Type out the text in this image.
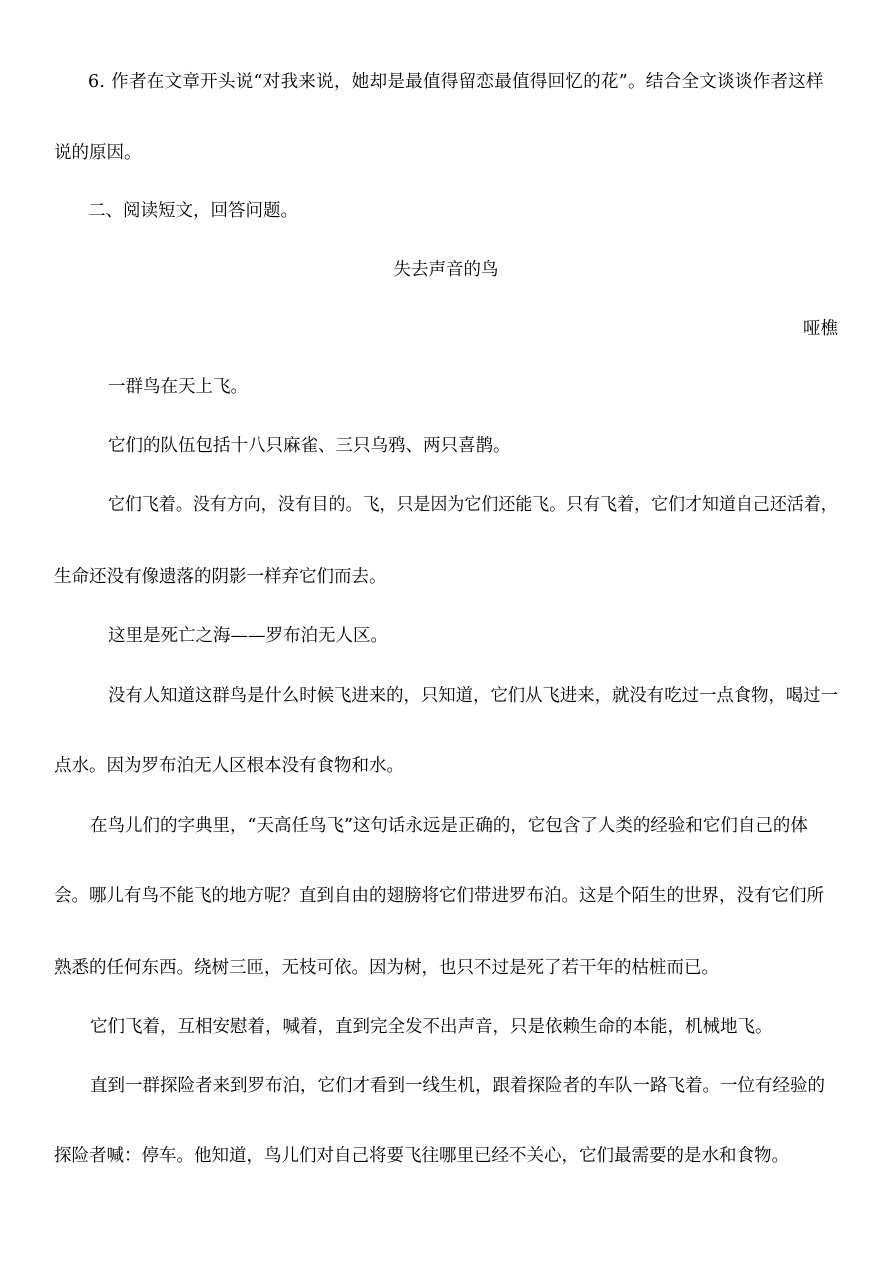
6. 作者在文章开头说“对我来说，她却是最值得留恋最值得回忆的花”。结合全文谈谈作者这样
说的原因。
二、阅读短文，回答问题。
失去声音的鸟
哑樵
一群鸟在天上飞。
它们的队伍包括十八只麻雀、三只乌鸦、两只喜鹊。
它们飞着。没有方向，没有目的。飞，只是因为它们还能飞。只有飞着，它们才知道自己还活着，
生命还没有像遗落的阴影一样弃它们而去。
这里是死亡之海——罗布泊无人区。
没有人知道这群鸟是什么时候飞进来的，只知道，它们从飞进来，就没有吃过一点食物，喝过一
点水。因为罗布泊无人区根本没有食物和水。
在鸟儿们的字典里，“天高任鸟飞”这句话永远是正确的，它包含了人类的经验和它们自己的体
会。哪儿有鸟不能飞的地方呢？直到自由的翅膀将它们带进罗布泊。这是个陌生的世界，没有它们所
熟悉的任何东西。绕树三匝，无枝可依。因为树，也只不过是死了若干年的枯桩而已。
它们飞着，互相安慰着，喊着，直到完全发不出声音，只是依赖生命的本能，机械地飞。
直到一群探险者来到罗布泊，它们才看到一线生机，跟着探险者的车队一路飞着。一位有经验的
探险者喊：停车。他知道，鸟儿们对自己将要飞往哪里已经不关心，它们最需要的是水和食物。
